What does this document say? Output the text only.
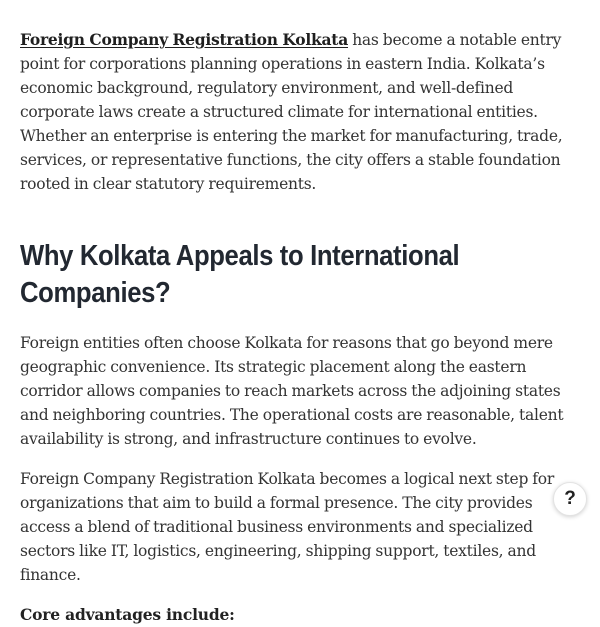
Foreign Company Registration Kolkata has become a notable entry point for corporations planning operations in eastern India. Kolkata’s economic background, regulatory environment, and well-defined corporate laws create a structured climate for international entities. Whether an enterprise is entering the market for manufacturing, trade, services, or representative functions, the city offers a stable foundation rooted in clear statutory requirements.

Why Kolkata Appeals to International Companies?

Foreign entities often choose Kolkata for reasons that go beyond mere geographic convenience. Its strategic placement along the eastern corridor allows companies to reach markets across the adjoining states and neighboring countries. The operational costs are reasonable, talent availability is strong, and infrastructure continues to evolve.

Foreign Company Registration Kolkata becomes a logical next step for organizations that aim to build a formal presence. The city provides access a blend of traditional business environments and specialized sectors like IT, logistics, engineering, shipping support, textiles, and finance.

Core advantages include:

?
